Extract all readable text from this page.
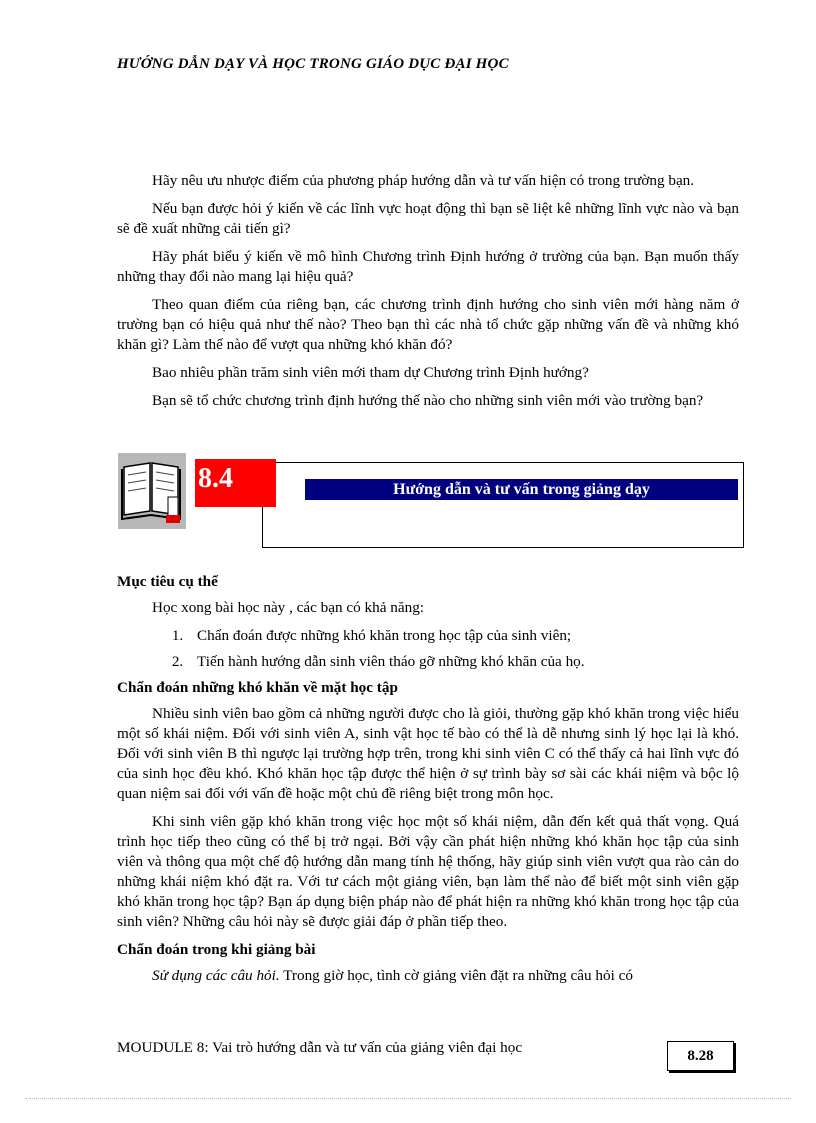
HƯỚNG DẪN DẠY VÀ HỌC TRONG GIÁO DỤC ĐẠI HỌC

Hãy nêu ưu nhược điểm của phương pháp hướng dẫn và tư vấn hiện có trong trường bạn.

Nếu bạn được hỏi ý kiến về các lĩnh vực hoạt động thì bạn sẽ liệt kê những lĩnh vực nào và bạn sẽ đề xuất những cải tiến gì?

Hãy phát biểu ý kiến về mô hình Chương trình Định hướng ở trường của bạn. Bạn muốn thấy những thay đổi nào mang lại hiệu quả?

Theo quan điểm của riêng bạn, các chương trình định hướng cho sinh viên mới hàng năm ở trường bạn có hiệu quả như thế nào? Theo bạn thì các nhà tổ chức gặp những vấn đề và những khó khăn gì? Làm thế nào để vượt qua những khó khăn đó?

Bao nhiêu phần trăm sinh viên mới tham dự Chương trình Định hướng?

Bạn sẽ tổ chức chương trình định hướng thế nào cho những sinh viên mới vào trường bạn?

8.4	Hướng dẫn và tư vấn trong giảng dạy
Mục tiêu cụ thể

Học xong bài học này , các bạn có khả năng:

1. Chẩn đoán được những khó khăn trong học tập của sinh viên;
2. Tiến hành hướng dẫn sinh viên tháo gỡ những khó khăn của họ.
Chẩn đoán những khó khăn về mặt học tập

Nhiều sinh viên bao gồm cả những người được cho là giỏi, thường gặp khó khăn trong việc hiểu một số khái niệm. Đối với sinh viên A, sinh vật học tế bào có thể là dễ nhưng sinh lý học lại là khó. Đối với sinh viên B thì ngược lại trường hợp trên, trong khi sinh viên C có thể thấy cả hai lĩnh vực đó của sinh học đều khó. Khó khăn học tập được thể hiện ở sự trình bày sơ sài các khái niệm và bộc lộ quan niệm sai đối với vấn đề hoặc một chủ đề riêng biệt trong môn học.

Khi sinh viên gặp khó khăn trong việc học một số khái niệm, dẫn đến kết quả thất vọng. Quá trình học tiếp theo cũng có thể bị trở ngại. Bởi vậy cần phát hiện những khó khăn học tập của sinh viên và thông qua một chế độ hướng dẫn mang tính hệ thống, hãy giúp sinh viên vượt qua rào cản do những khái niệm khó đặt ra. Với tư cách một giảng viên, bạn làm thế nào để biết một sinh viên gặp khó khăn trong học tập? Bạn áp dụng biện pháp nào để phát hiện ra những khó khăn trong học tập của sinh viên? Những câu hỏi này sẽ được giải đáp ở phần tiếp theo.

Chẩn đoán trong khi giảng bài

Sử dụng các câu hỏi. Trong giờ học, tình cờ giảng viên đặt ra những câu hỏi có

MOUDULE 8: Vai trò hướng dẫn và tư vấn của giảng viên đại học	8.28
